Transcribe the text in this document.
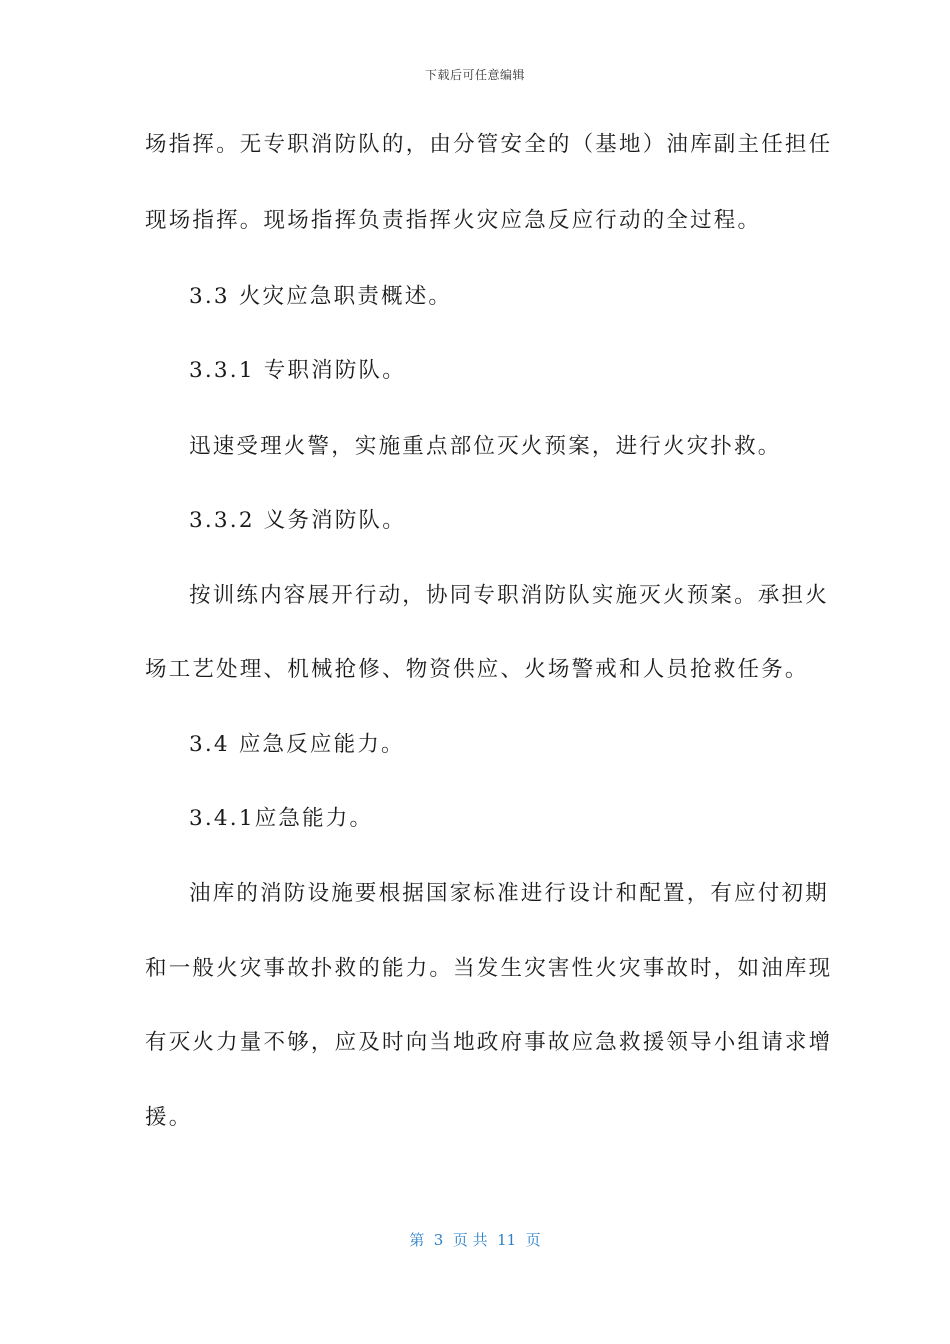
下载后可任意编辑
场指挥。无专职消防队的，由分管安全的（基地）油库副主任担任
现场指挥。现场指挥负责指挥火灾应急反应行动的全过程。
3.3 火灾应急职责概述。
3.3.1 专职消防队。
迅速受理火警，实施重点部位灭火预案，进行火灾扑救。
3.3.2 义务消防队。
按训练内容展开行动，协同专职消防队实施灭火预案。承担火
场工艺处理、机械抢修、物资供应、火场警戒和人员抢救任务。
3.4 应急反应能力。
3.4.1应急能力。
油库的消防设施要根据国家标准进行设计和配置，有应付初期
和一般火灾事故扑救的能力。当发生灾害性火灾事故时，如油库现
有灭火力量不够，应及时向当地政府事故应急救援领导小组请求增
援。
第  3  页 共  11  页
